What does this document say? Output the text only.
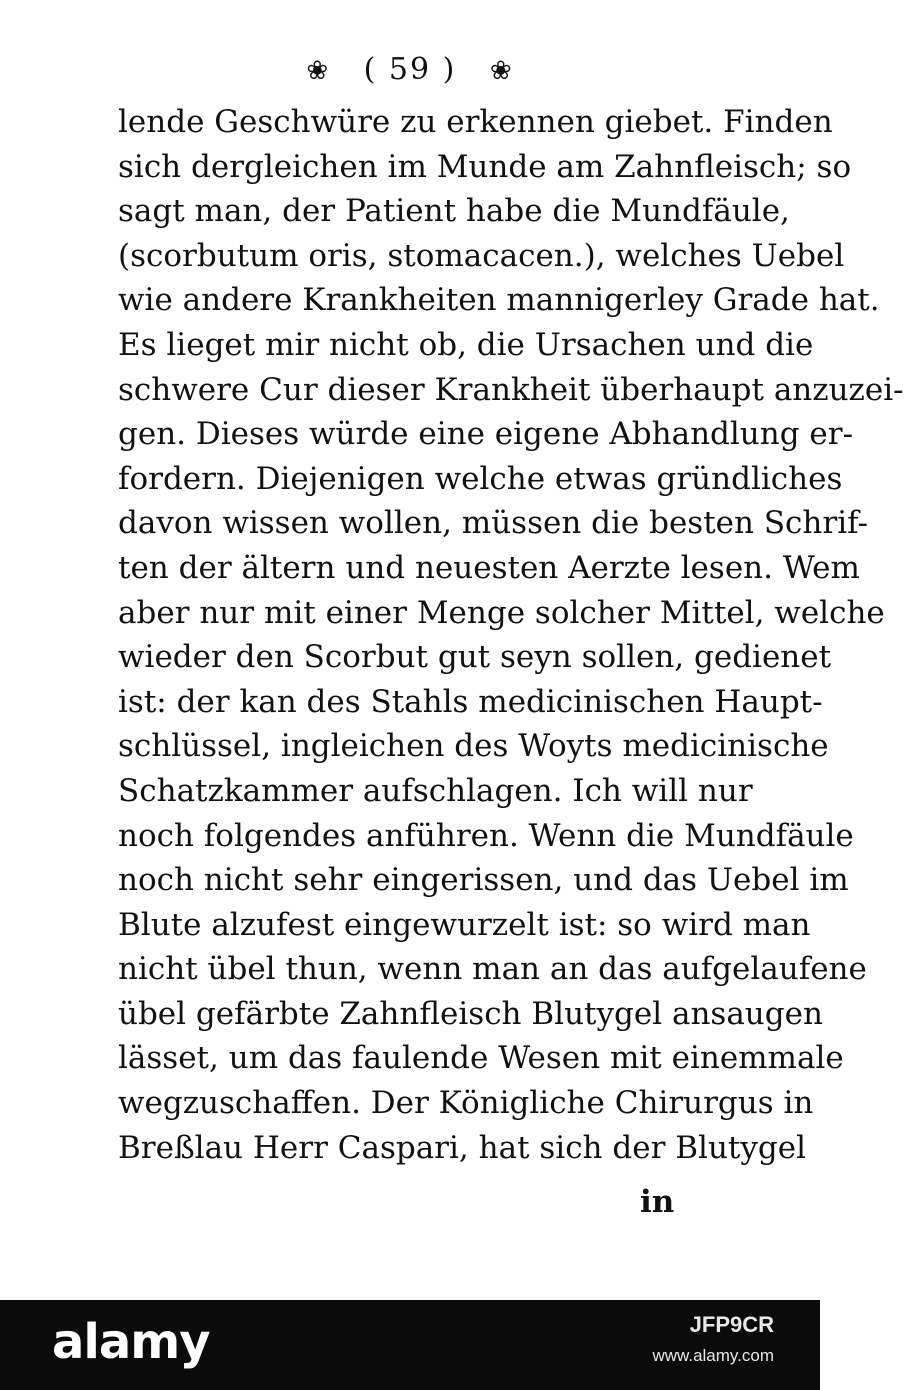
❀ ( 59 ) ❀
lende Geschwüre zu erkennen giebet. Finden
sich dergleichen im Munde am Zahnfleisch; so
sagt man, der Patient habe die Mundfäule,
(scorbutum oris, stomacacen.), welches Uebel
wie andere Krankheiten mannigerley Grade hat.
Es lieget mir nicht ob, die Ursachen und die
schwere Cur dieser Krankheit überhaupt anzuzei-
gen. Dieses würde eine eigene Abhandlung er-
fordern. Diejenigen welche etwas gründliches
davon wissen wollen, müssen die besten Schrif-
ten der ältern und neuesten Aerzte lesen. Wem
aber nur mit einer Menge solcher Mittel, welche
wieder den Scorbut gut seyn sollen, gedienet
ist: der kan des Stahls medicinischen Haupt-
schlüssel, ingleichen des Woyts medicinische
Schatzkammer aufschlagen. Ich will nur
noch folgendes anführen. Wenn die Mundfäule
noch nicht sehr eingerissen, und das Uebel im
Blute alzufest eingewurzelt ist: so wird man
nicht übel thun, wenn man an das aufgelaufene
übel gefärbte Zahnfleisch Blutygel ansaugen
lässet, um das faulende Wesen mit einemmale
wegzuschaffen. Der Königliche Chirurgus in
Breßlau Herr Caspari, hat sich der Blutygel
in
alamy	JFP9CR
www.alamy.com
